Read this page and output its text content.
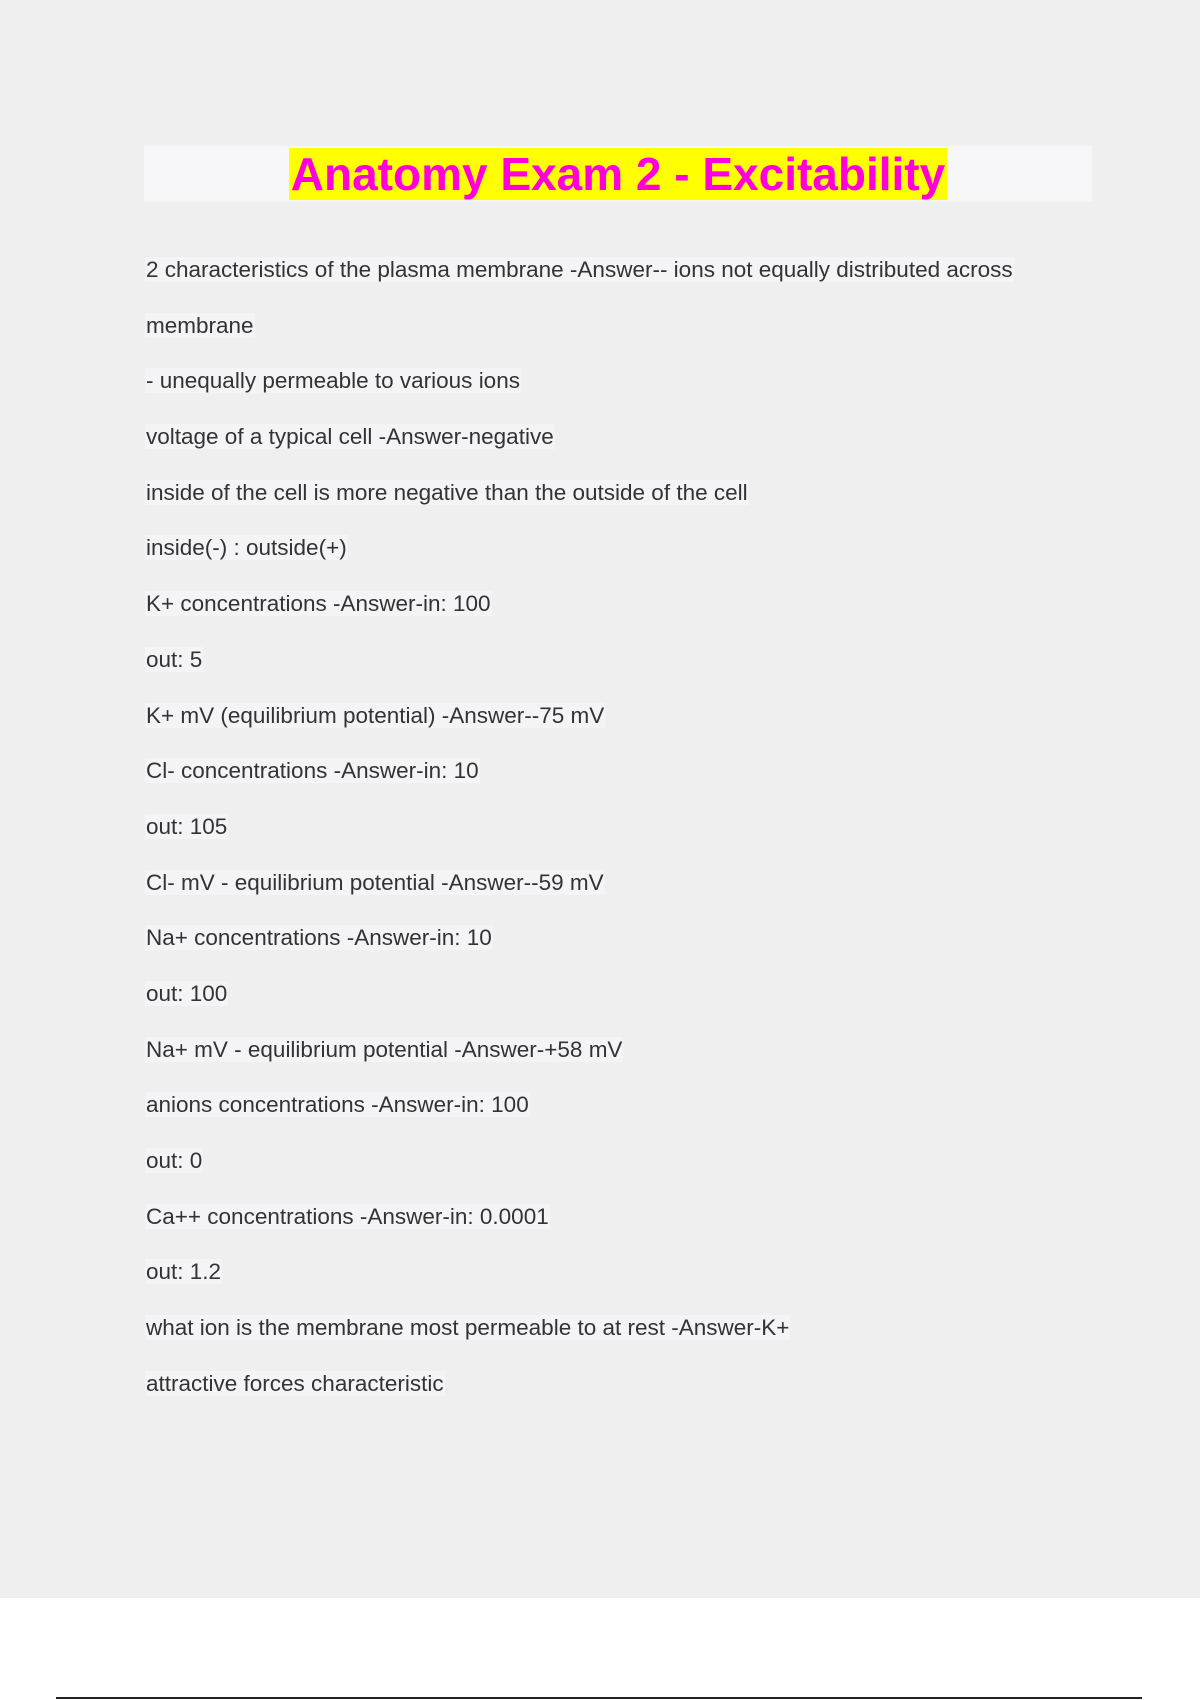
Anatomy Exam 2 - Excitability
2 characteristics of the plasma membrane -Answer-- ions not equally distributed across
membrane
- unequally permeable to various ions
voltage of a typical cell -Answer-negative
inside of the cell is more negative than the outside of the cell
inside(-) : outside(+)
K+ concentrations -Answer-in: 100
out: 5
K+ mV (equilibrium potential) -Answer--75 mV
Cl- concentrations -Answer-in: 10
out: 105
Cl- mV - equilibrium potential -Answer--59 mV
Na+ concentrations -Answer-in: 10
out: 100
Na+ mV - equilibrium potential -Answer-+58 mV
anions concentrations -Answer-in: 100
out: 0
Ca++ concentrations -Answer-in: 0.0001
out: 1.2
what ion is the membrane most permeable to at rest -Answer-K+
attractive forces characteristic
